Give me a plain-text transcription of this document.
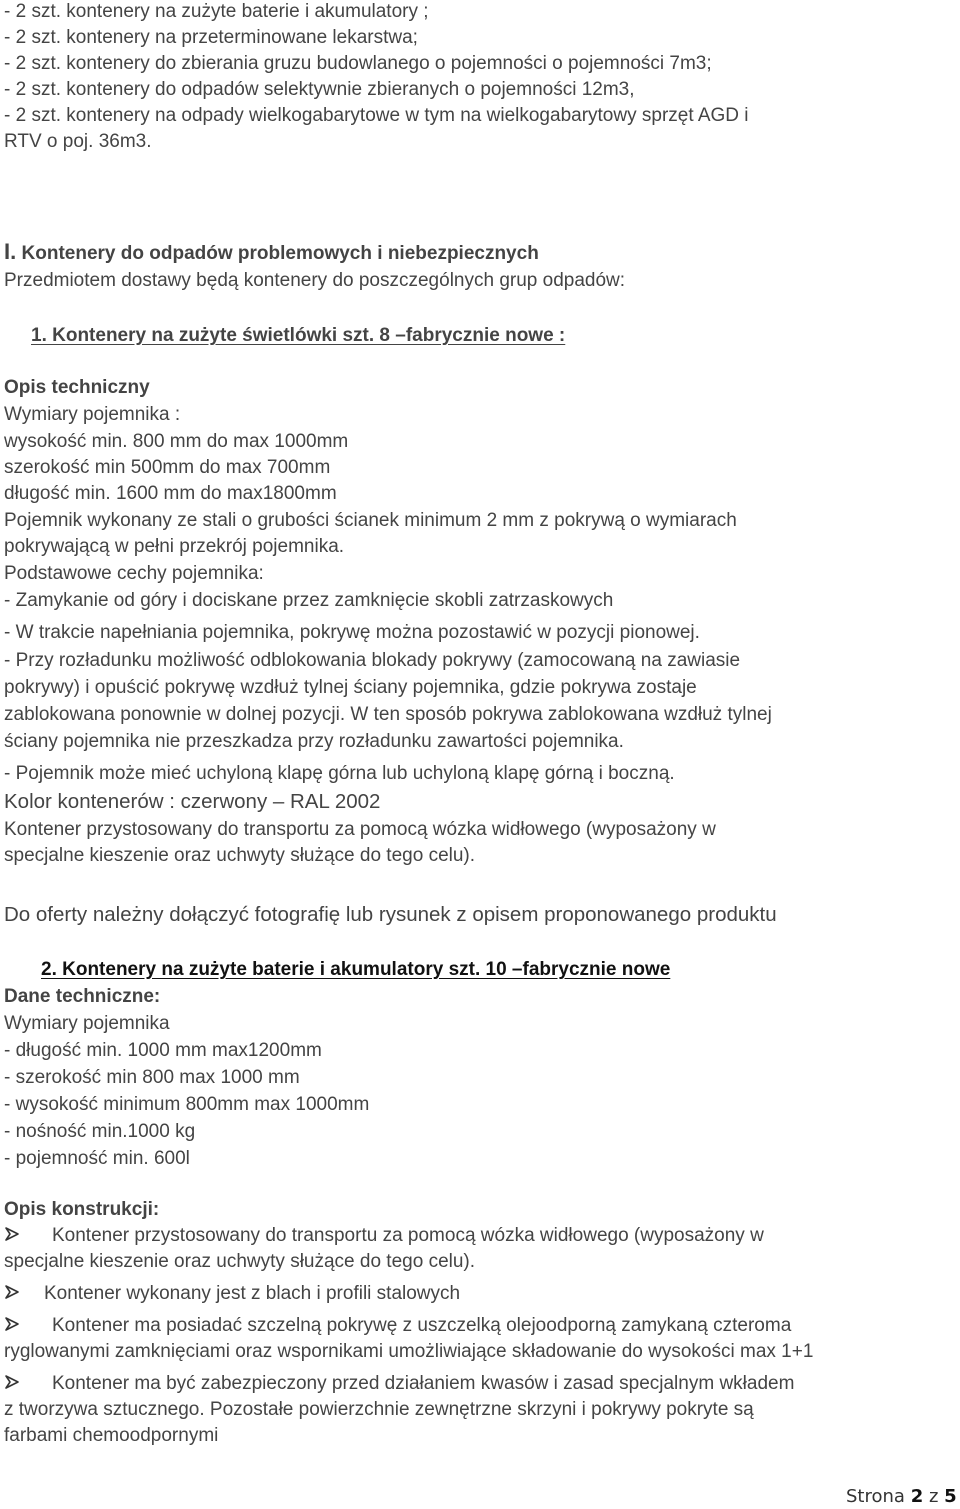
- 2 szt. kontenery na zużyte baterie i akumulatory ;
- 2 szt. kontenery na przeterminowane lekarstwa;
- 2 szt. kontenery do zbierania gruzu budowlanego o pojemności o pojemności 7m3;
- 2 szt. kontenery do odpadów selektywnie zbieranych o pojemności 12m3,
- 2 szt. kontenery na odpady wielkogabarytowe w tym na wielkogabarytowy sprzęt AGD i
RTV o poj. 36m3.
I. Kontenery do odpadów problemowych i niebezpiecznych
Przedmiotem dostawy będą kontenery do poszczególnych grup odpadów:
1. Kontenery na zużyte świetlówki szt. 8 –fabrycznie nowe :
Opis techniczny
Wymiary pojemnika :
wysokość min. 800 mm do max 1000mm
szerokość min 500mm do max 700mm
długość min. 1600 mm do max1800mm
Pojemnik wykonany ze stali o grubości ścianek minimum 2 mm z pokrywą o wymiarach
pokrywającą w pełni przekrój pojemnika.
Podstawowe cechy pojemnika:
- Zamykanie od góry i dociskane przez zamknięcie skobli zatrzaskowych
- W trakcie napełniania pojemnika, pokrywę można pozostawić w pozycji pionowej.
- Przy rozładunku możliwość odblokowania blokady pokrywy (zamocowaną na zawiasie
pokrywy) i opuścić pokrywę wzdłuż tylnej ściany pojemnika, gdzie pokrywa zostaje
zablokowana ponownie w dolnej pozycji. W ten sposób pokrywa zablokowana wzdłuż tylnej
ściany pojemnika nie przeszkadza przy rozładunku zawartości pojemnika.
- Pojemnik może mieć uchyloną klapę górna lub uchyloną klapę górną i boczną.
Kolor kontenerów : czerwony – RAL 2002
Kontener przystosowany do transportu za pomocą wózka widłowego (wyposażony w
specjalne kieszenie oraz uchwyty służące do tego celu).
Do oferty należny dołączyć fotografię lub rysunek z opisem proponowanego produktu
2. Kontenery na zużyte baterie i akumulatory szt. 10 –fabrycznie nowe
Dane techniczne:
Wymiary pojemnika
- długość min. 1000 mm max1200mm
- szerokość min 800 max 1000 mm
- wysokość minimum 800mm max 1000mm
- nośność min.1000 kg
- pojemność min. 600l
Opis konstrukcji:
Kontener przystosowany do transportu za pomocą wózka widłowego (wyposażony w
specjalne kieszenie oraz uchwyty służące do tego celu).
Kontener wykonany jest z blach i profili stalowych
Kontener ma posiadać szczelną pokrywę z uszczelką olejoodporną zamykaną czteroma
ryglowanymi zamknięciami oraz wspornikami umożliwiające składowanie do wysokości max 1+1
Kontener ma być zabezpieczony przed działaniem kwasów i zasad specjalnym wkładem
z tworzywa sztucznego. Pozostałe powierzchnie zewnętrzne skrzyni i pokrywy pokryte są
farbami chemoodpornymi
Strona 2 z 5
